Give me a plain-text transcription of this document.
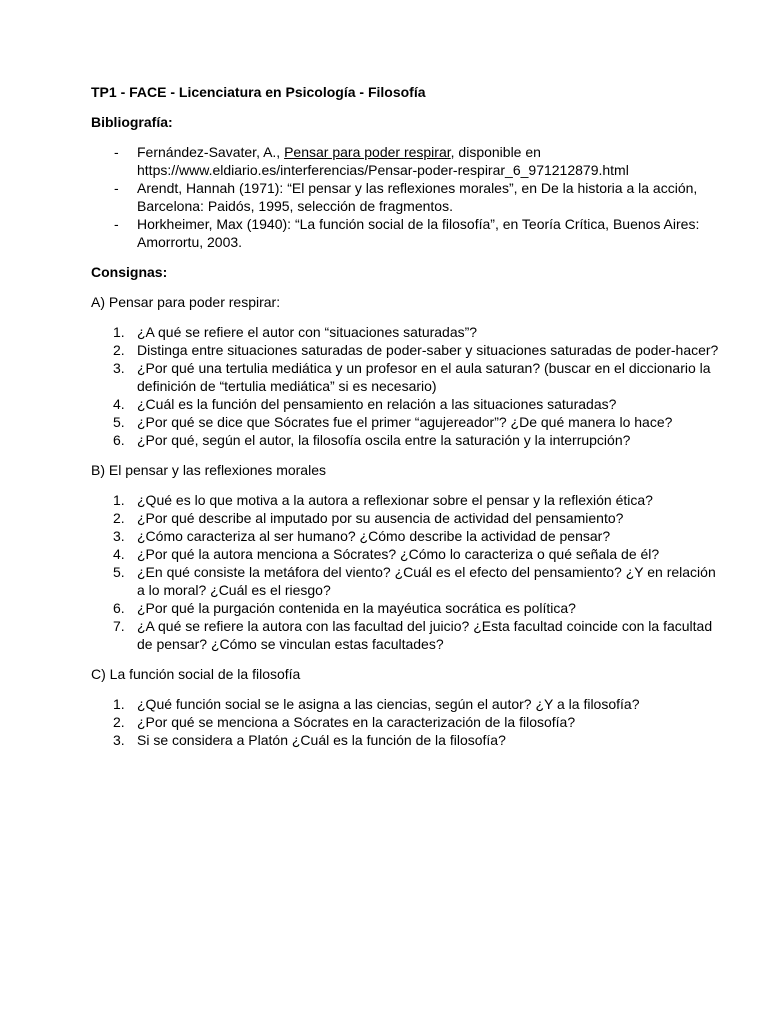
TP1 - FACE - Licenciatura en Psicología - Filosofía

Bibliografía:

- Fernández-Savater, A., Pensar para poder respirar, disponible en https://www.eldiario.es/interferencias/Pensar-poder-respirar_6_971212879.html
- Arendt, Hannah (1971): “El pensar y las reflexiones morales”, en De la historia a la acción, Barcelona: Paidós, 1995, selección de fragmentos.
- Horkheimer, Max (1940): “La función social de la filosofía”, en Teoría Crítica, Buenos Aires: Amorrortu, 2003.

Consignas:

A) Pensar para poder respirar:

1. ¿A qué se refiere el autor con “situaciones saturadas”?
2. Distinga entre situaciones saturadas de poder-saber y situaciones saturadas de poder-hacer?
3. ¿Por qué una tertulia mediática y un profesor en el aula saturan? (buscar en el diccionario la definición de “tertulia mediática” si es necesario)
4. ¿Cuál es la función del pensamiento en relación a las situaciones saturadas?
5. ¿Por qué se dice que Sócrates fue el primer “agujereador”? ¿De qué manera lo hace?
6. ¿Por qué, según el autor, la filosofía oscila entre la saturación y la interrupción?

B) El pensar y las reflexiones morales

1. ¿Qué es lo que motiva a la autora a reflexionar sobre el pensar y la reflexión ética?
2. ¿Por qué describe al imputado por su ausencia de actividad del pensamiento?
3. ¿Cómo caracteriza al ser humano? ¿Cómo describe la actividad de pensar?
4. ¿Por qué la autora menciona a Sócrates? ¿Cómo lo caracteriza o qué señala de él?
5. ¿En qué consiste la metáfora del viento? ¿Cuál es el efecto del pensamiento? ¿Y en relación a lo moral? ¿Cuál es el riesgo?
6. ¿Por qué la purgación contenida en la mayéutica socrática es política?
7. ¿A qué se refiere la autora con las facultad del juicio? ¿Esta facultad coincide con la facultad de pensar? ¿Cómo se vinculan estas facultades?

C) La función social de la filosofía

1. ¿Qué función social se le asigna a las ciencias, según el autor? ¿Y a la filosofía?
2. ¿Por qué se menciona a Sócrates en la caracterización de la filosofía?
3. Si se considera a Platón ¿Cuál es la función de la filosofía?
